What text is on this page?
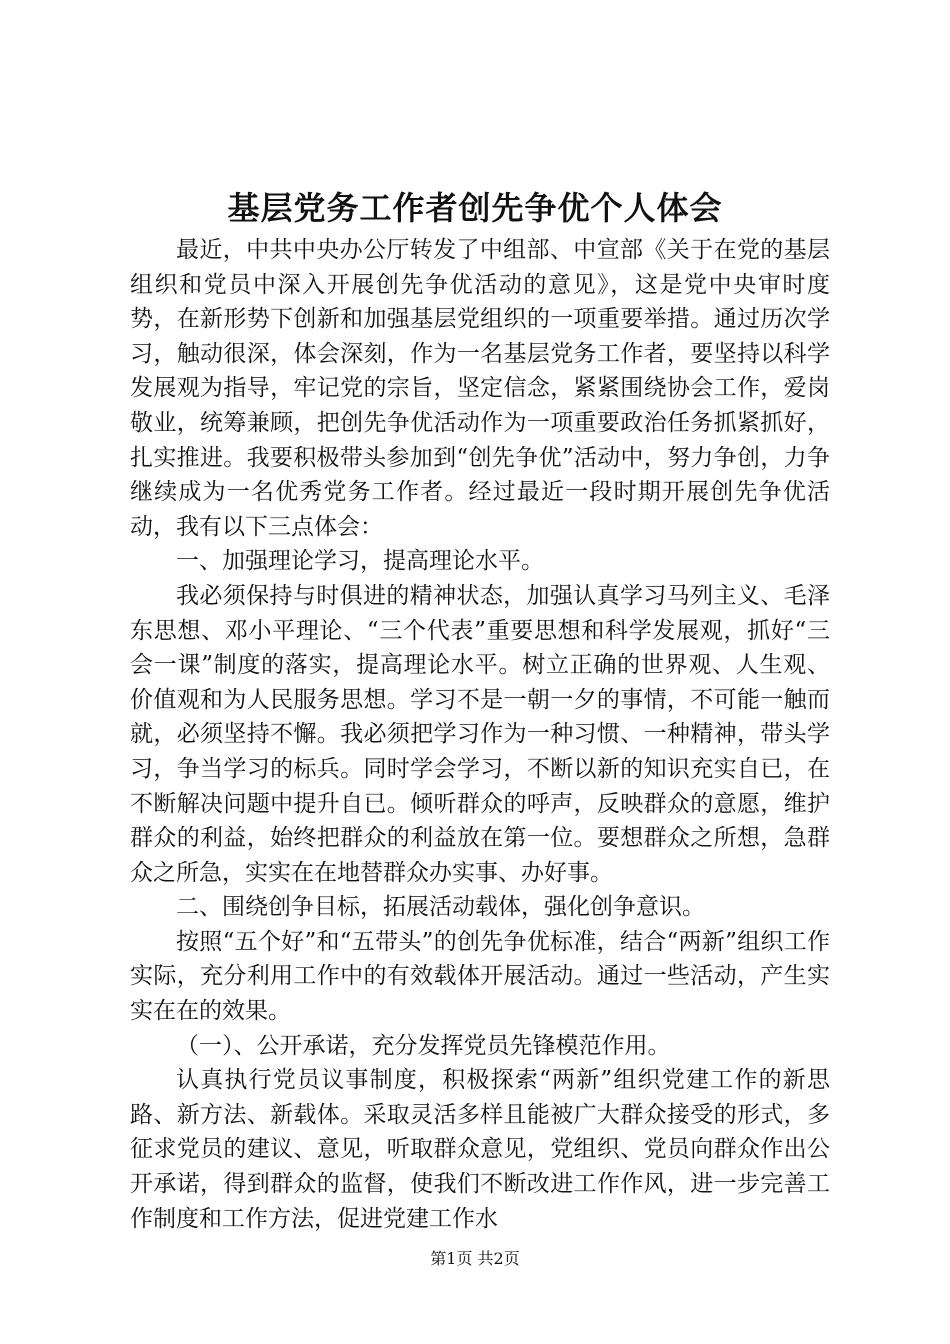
基层党务工作者创先争优个人体会

最近，中共中央办公厅转发了中组部、中宣部《关于在党的基层组织和党员中深入开展创先争优活动的意见》，这是党中央审时度势，在新形势下创新和加强基层党组织的一项重要举措。通过历次学习，触动很深，体会深刻，作为一名基层党务工作者，要坚持以科学发展观为指导，牢记党的宗旨，坚定信念，紧紧围绕协会工作，爱岗敬业，统筹兼顾，把创先争优活动作为一项重要政治任务抓紧抓好，扎实推进。我要积极带头参加到“创先争优”活动中，努力争创，力争继续成为一名优秀党务工作者。经过最近一段时期开展创先争优活动，我有以下三点体会：

一、加强理论学习，提高理论水平。

我必须保持与时俱进的精神状态，加强认真学习马列主义、毛泽东思想、邓小平理论、“三个代表”重要思想和科学发展观，抓好“三会一课”制度的落实，提高理论水平。树立正确的世界观、人生观、价值观和为人民服务思想。学习不是一朝一夕的事情，不可能一触而就，必须坚持不懈。我必须把学习作为一种习惯、一种精神，带头学习，争当学习的标兵。同时学会学习，不断以新的知识充实自已，在不断解决问题中提升自已。倾听群众的呼声，反映群众的意愿，维护群众的利益，始终把群众的利益放在第一位。要想群众之所想，急群众之所急，实实在在地替群众办实事、办好事。

二、围绕创争目标，拓展活动载体，强化创争意识。

按照“五个好”和“五带头”的创先争优标准，结合“两新”组织工作实际，充分利用工作中的有效载体开展活动。通过一些活动，产生实实在在的效果。

（一）、公开承诺，充分发挥党员先锋模范作用。

认真执行党员议事制度，积极探索“两新”组织党建工作的新思路、新方法、新载体。采取灵活多样且能被广大群众接受的形式，多征求党员的建议、意见，听取群众意见，党组织、党员向群众作出公开承诺，得到群众的监督，使我们不断改进工作作风，进一步完善工作制度和工作方法，促进党建工作水

第1页 共2页
